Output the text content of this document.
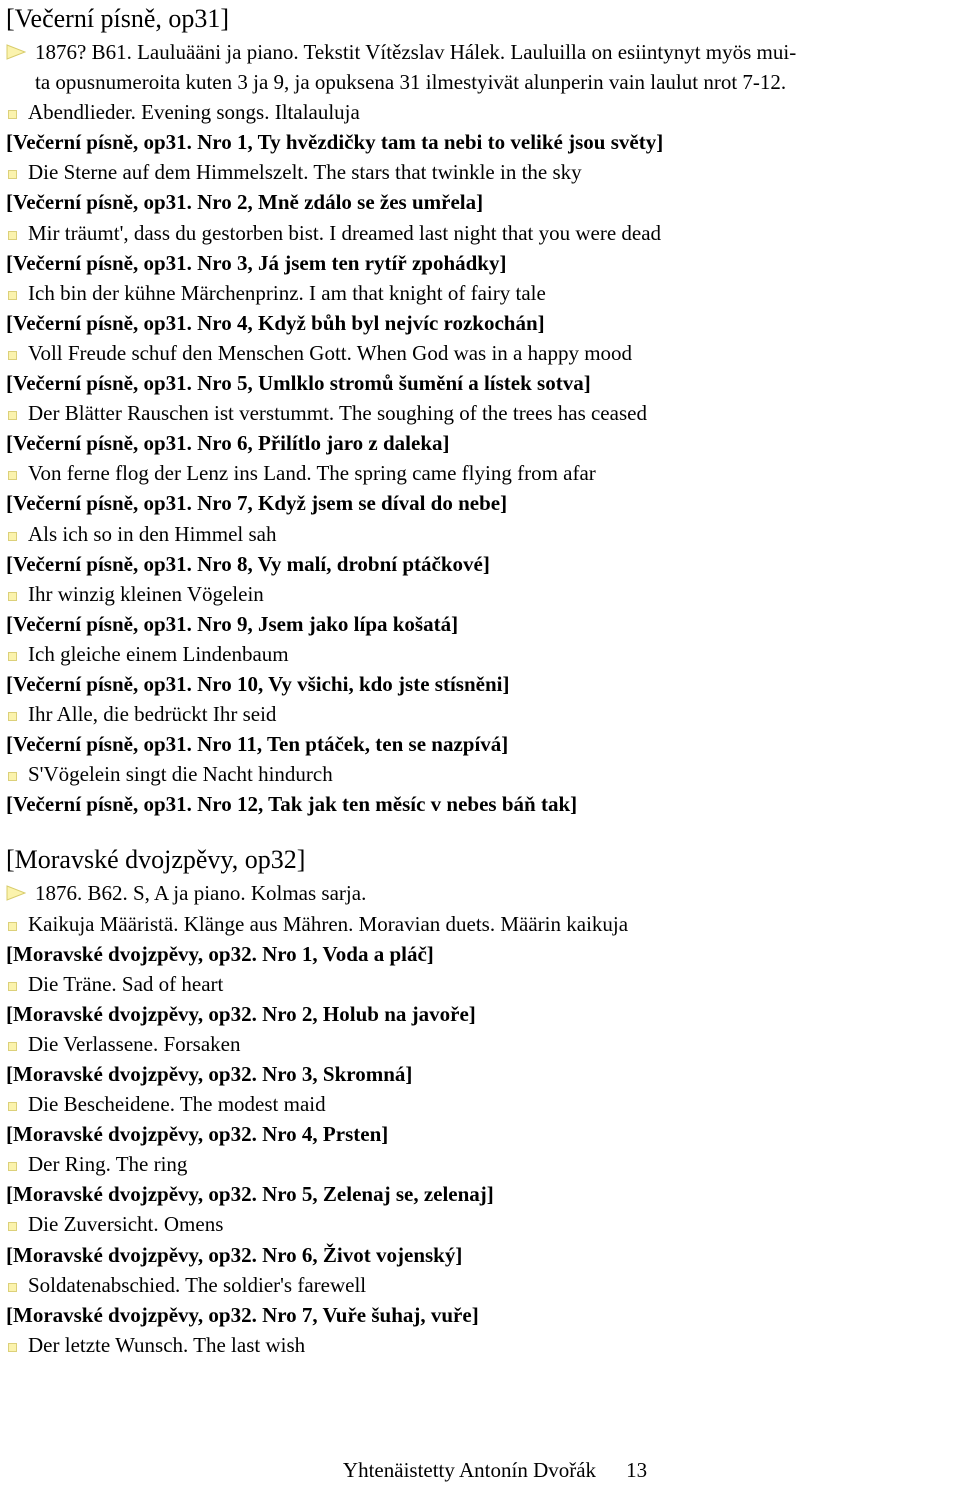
[Večerní písně, op31]
1876? B61. Lauluääni ja piano. Tekstit Vítězslav Hálek. Lauluilla on esiintynyt myös mui-
ta opusnumeroita kuten 3 ja 9, ja opuksena 31 ilmestyivät alunperin vain laulut nrot 7-12.
Abendlieder. Evening songs. Iltalauluja
[Večerní písně, op31. Nro 1, Ty hvězdičky tam ta nebi to veliké jsou světy]
Die Sterne auf dem Himmelszelt. The stars that twinkle in the sky
[Večerní písně, op31. Nro 2, Mně zdálo se žes umřela]
Mir träumt', dass du gestorben bist. I dreamed last night that you were dead
[Večerní písně, op31. Nro 3, Já jsem ten rytíř zpohádky]
Ich bin der kühne Märchenprinz. I am that knight of fairy tale
[Večerní písně, op31. Nro 4, Když bůh byl nejvíc rozkochán]
Voll Freude schuf den Menschen Gott. When God was in a happy mood
[Večerní písně, op31. Nro 5, Umlklo stromů šumění a lístek sotva]
Der Blätter Rauschen ist verstummt. The soughing of the trees has ceased
[Večerní písně, op31. Nro 6, Přilítlo jaro z daleka]
Von ferne flog der Lenz ins Land. The spring came flying from afar
[Večerní písně, op31. Nro 7, Když jsem se díval do nebe]
Als ich so in den Himmel sah
[Večerní písně, op31. Nro 8, Vy malí, drobní ptáčkové]
Ihr winzig kleinen Vögelein
[Večerní písně, op31. Nro 9, Jsem jako lípa košatá]
Ich gleiche einem Lindenbaum
[Večerní písně, op31. Nro 10, Vy všichi, kdo jste stísněni]
Ihr Alle, die bedrückt Ihr seid
[Večerní písně, op31. Nro 11, Ten ptáček, ten se nazpívá]
S'Vögelein singt die Nacht hindurch
[Večerní písně, op31. Nro 12, Tak jak ten měsíc v nebes báň tak]
[Moravské dvojzpěvy, op32]
1876. B62. S, A ja piano. Kolmas sarja.
Kaikuja Määristä. Klänge aus Mähren. Moravian duets. Määrin kaikuja
[Moravské dvojzpěvy, op32. Nro 1, Voda a pláč]
Die Träne. Sad of heart
[Moravské dvojzpěvy, op32. Nro 2, Holub na javoře]
Die Verlassene. Forsaken
[Moravské dvojzpěvy, op32. Nro 3, Skromná]
Die Bescheidene. The modest maid
[Moravské dvojzpěvy, op32. Nro 4, Prsten]
Der Ring. The ring
[Moravské dvojzpěvy, op32. Nro 5, Zelenaj se, zelenaj]
Die Zuversicht. Omens
[Moravské dvojzpěvy, op32. Nro 6, Život vojenský]
Soldatenabschied. The soldier's farewell
[Moravské dvojzpěvy, op32. Nro 7, Vuře šuhaj, vuře]
Der letzte Wunsch. The last wish
Yhtenäistetty Antonín Dvořák 13
